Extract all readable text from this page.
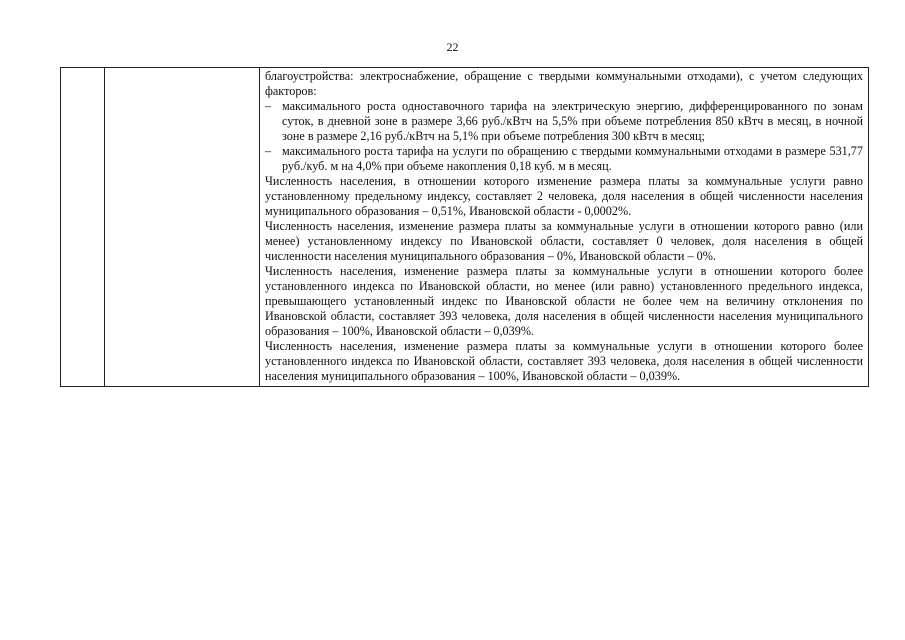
22

благоустройства: электроснабжение, обращение с твердыми коммунальными отходами), с учетом следующих факторов:

– максимального роста одноставочного тарифа на электрическую энергию, дифференцированного по зонам суток, в дневной зоне в размере 3,66 руб./кВтч на 5,5% при объеме потребления 850 кВтч в месяц, в ночной зоне в размере 2,16 руб./кВтч на 5,1% при объеме потребления 300 кВтч в месяц;
– максимального роста тарифа на услуги по обращению с твердыми коммунальными отходами в размере 531,77 руб./куб. м на 4,0% при объеме накопления 0,18 куб. м в месяц.

Численность населения, в отношении которого изменение размера платы за коммунальные услуги равно установленному предельному индексу, составляет 2 человека, доля населения в общей численности населения муниципального образования – 0,51%, Ивановской области - 0,0002%.

Численность населения, изменение размера платы за коммунальные услуги в отношении которого равно (или менее) установленному индексу по Ивановской области, составляет 0 человек, доля населения в общей численности населения муниципального образования – 0%, Ивановской области – 0%.

Численность населения, изменение размера платы за коммунальные услуги в отношении которого более установленного индекса по Ивановской области, но менее (или равно) установленного предельного индекса, превышающего установленный индекс по Ивановской области не более чем на величину отклонения по Ивановской области, составляет 393 человека, доля населения в общей численности населения муниципального образования – 100%, Ивановской области – 0,039%.

Численность населения, изменение размера платы за коммунальные услуги в отношении которого более установленного индекса по Ивановской области, составляет 393 человека, доля населения в общей численности населения муниципального образования – 100%, Ивановской области – 0,039%.
